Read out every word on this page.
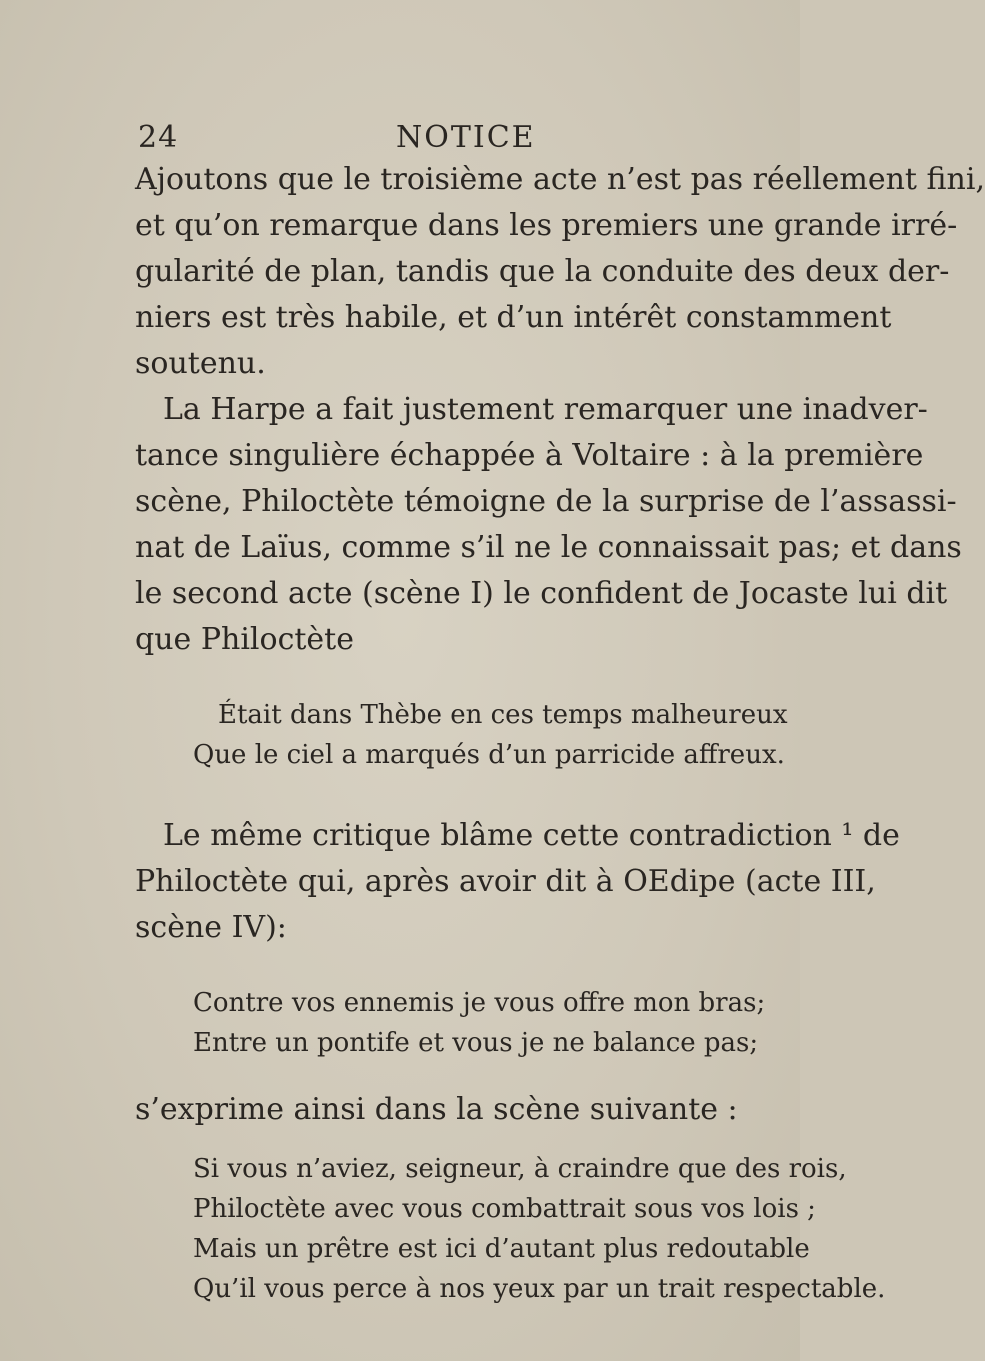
24	NOTICE

Ajoutons que le troisième acte n’est pas réellement fini,

et qu’on remarque dans les premiers une grande irré-

gularité de plan, tandis que la conduite des deux der-

niers est très habile, et d’un intérêt constamment

soutenu.

La Harpe a fait justement remarquer une inadver-

tance singulière échappée à Voltaire : à la première

scène, Philoctète témoigne de la surprise de l’assassi-

nat de Laïus, comme s’il ne le connaissait pas; et dans

le second acte (scène I) le confident de Jocaste lui dit

que Philoctète

Était dans Thèbe en ces temps malheureux

Que le ciel a marqués d’un parricide affreux.

Le même critique blâme cette contradiction ¹ de

Philoctète qui, après avoir dit à OEdipe (acte III,

scène IV):

Contre vos ennemis je vous offre mon bras;

Entre un pontife et vous je ne balance pas;

s’exprime ainsi dans la scène suivante :

Si vous n’aviez, seigneur, à craindre que des rois,

Philoctète avec vous combattrait sous vos lois ;

Mais un prêtre est ici d’autant plus redoutable

Qu’il vous perce à nos yeux par un trait respectable.
